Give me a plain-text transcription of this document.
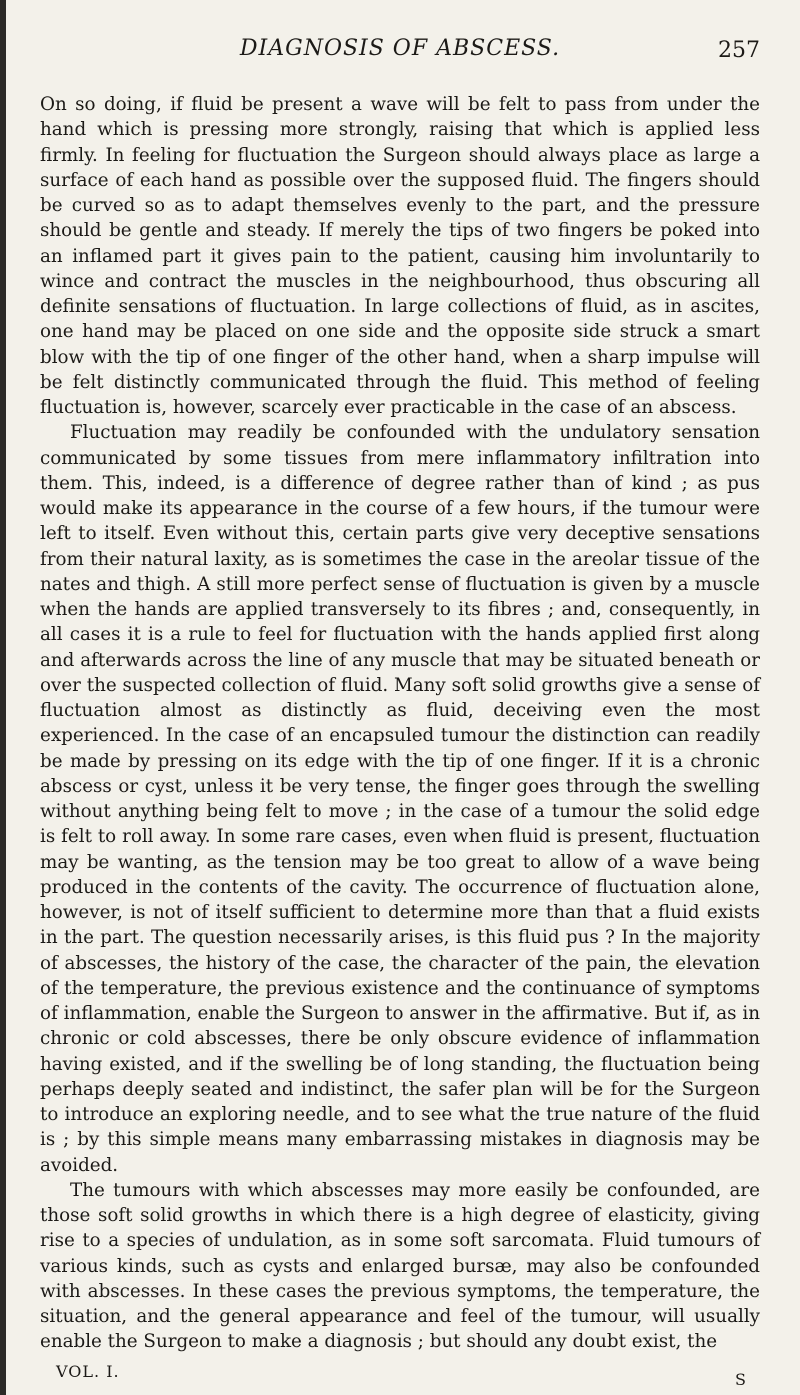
DIAGNOSIS OF ABSCESS.	257

On so doing, if fluid be present a wave will be felt to pass from under the hand which is pressing more strongly, raising that which is applied less firmly. In feeling for fluctuation the Surgeon should always place as large a surface of each hand as possible over the supposed fluid. The fingers should be curved so as to adapt themselves evenly to the part, and the pressure should be gentle and steady. If merely the tips of two fingers be poked into an inflamed part it gives pain to the patient, causing him involuntarily to wince and contract the muscles in the neighbourhood, thus obscuring all definite sensations of fluctuation. In large collections of fluid, as in ascites, one hand may be placed on one side and the opposite side struck a smart blow with the tip of one finger of the other hand, when a sharp impulse will be felt distinctly communicated through the fluid. This method of feeling fluctuation is, however, scarcely ever practicable in the case of an abscess.

Fluctuation may readily be confounded with the undulatory sensation communicated by some tissues from mere inflammatory infiltration into them. This, indeed, is a difference of degree rather than of kind ; as pus would make its appearance in the course of a few hours, if the tumour were left to itself. Even without this, certain parts give very deceptive sensations from their natural laxity, as is sometimes the case in the areolar tissue of the nates and thigh. A still more perfect sense of fluctuation is given by a muscle when the hands are applied transversely to its fibres ; and, consequently, in all cases it is a rule to feel for fluctuation with the hands applied first along and afterwards across the line of any muscle that may be situated beneath or over the suspected collection of fluid. Many soft solid growths give a sense of fluctuation almost as distinctly as fluid, deceiving even the most experienced. In the case of an encapsuled tumour the distinction can readily be made by pressing on its edge with the tip of one finger. If it is a chronic abscess or cyst, unless it be very tense, the finger goes through the swelling without anything being felt to move ; in the case of a tumour the solid edge is felt to roll away. In some rare cases, even when fluid is present, fluctuation may be wanting, as the tension may be too great to allow of a wave being produced in the contents of the cavity. The occurrence of fluctuation alone, however, is not of itself sufficient to determine more than that a fluid exists in the part. The question necessarily arises, is this fluid pus ? In the majority of abscesses, the history of the case, the character of the pain, the elevation of the temperature, the previous existence and the continuance of symptoms of inflammation, enable the Surgeon to answer in the affirmative. But if, as in chronic or cold abscesses, there be only obscure evidence of inflammation having existed, and if the swelling be of long standing, the fluctuation being perhaps deeply seated and indistinct, the safer plan will be for the Surgeon to introduce an exploring needle, and to see what the true nature of the fluid is ; by this simple means many embarrassing mistakes in diagnosis may be avoided.

The tumours with which abscesses may more easily be confounded, are those soft solid growths in which there is a high degree of elasticity, giving rise to a species of undulation, as in some soft sarcomata. Fluid tumours of various kinds, such as cysts and enlarged bursæ, may also be confounded with abscesses. In these cases the previous symptoms, the temperature, the situation, and the general appearance and feel of the tumour, will usually enable the Surgeon to make a diagnosis ; but should any doubt exist, the

VOL. I.	S
